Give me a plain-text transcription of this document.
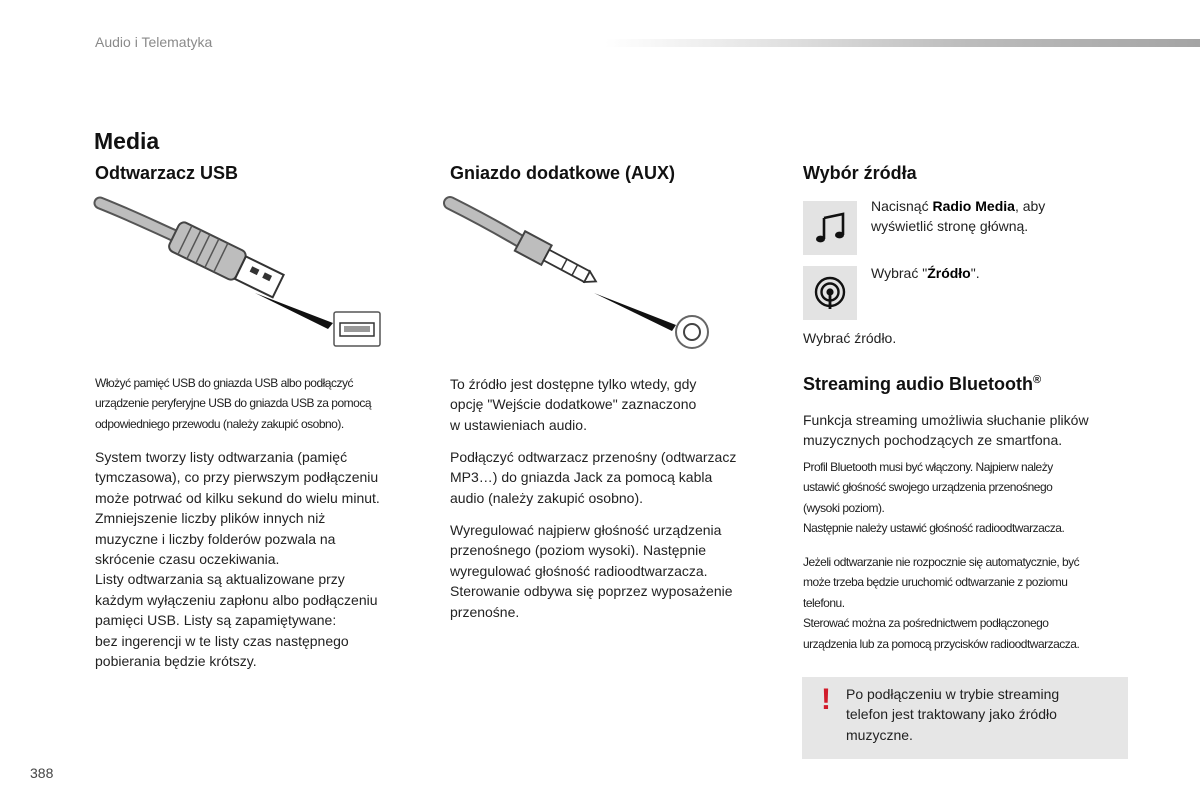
Audio i Telematyka
Media
Odtwarzacz USB
Włożyć pamięć USB do gniazda USB albo podłączyć
urządzenie peryferyjne USB do gniazda USB za pomocą
odpowiedniego przewodu (należy zakupić osobno).
System tworzy listy odtwarzania (pamięć
tymczasowa), co przy pierwszym podłączeniu
może potrwać od kilku sekund do wielu minut.
Zmniejszenie liczby plików innych niż
muzyczne i liczby folderów pozwala na
skrócenie czasu oczekiwania.
Listy odtwarzania są aktualizowane przy
każdym wyłączeniu zapłonu albo podłączeniu
pamięci USB. Listy są zapamiętywane:
bez ingerencji w te listy czas następnego
pobierania będzie krótszy.
Gniazdo dodatkowe (AUX)
To źródło jest dostępne tylko wtedy, gdy
opcję "Wejście dodatkowe" zaznaczono
w ustawieniach audio.
Podłączyć odtwarzacz przenośny (odtwarzacz
MP3…) do gniazda Jack za pomocą kabla
audio (należy zakupić osobno).
Wyregulować najpierw głośność urządzenia
przenośnego (poziom wysoki). Następnie
wyregulować głośność radioodtwarzacza.
Sterowanie odbywa się poprzez wyposażenie
przenośne.
Wybór źródła
Nacisnąć Radio Media, aby
wyświetlić stronę główną.
Wybrać "Źródło".
Wybrać źródło.
Streaming audio Bluetooth®
Funkcja streaming umożliwia słuchanie plików
muzycznych pochodzących ze smartfona.
Profil Bluetooth musi być włączony. Najpierw należy
ustawić głośność swojego urządzenia przenośnego
(wysoki poziom).
Następnie należy ustawić głośność radioodtwarzacza.
Jeżeli odtwarzanie nie rozpocznie się automatycznie, być
może trzeba będzie uruchomić odtwarzanie z poziomu
telefonu.
Sterować można za pośrednictwem podłączonego
urządzenia lub za pomocą przycisków radioodtwarzacza.
! Po podłączeniu w trybie streaming
telefon jest traktowany jako źródło
muzyczne.
388
